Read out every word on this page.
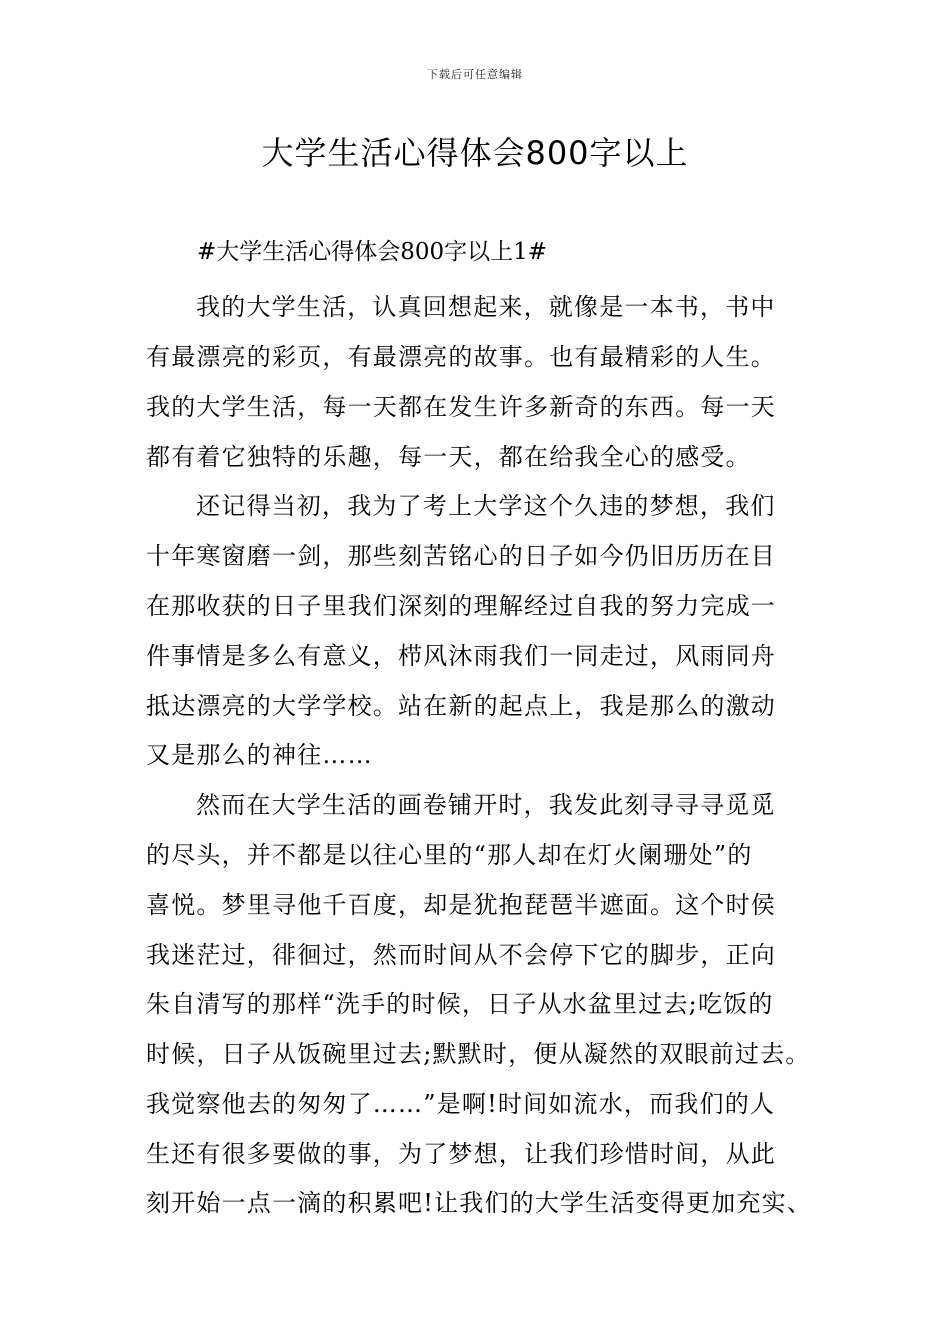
下载后可任意编辑
大学生活心得体会800字以上
#大学生活心得体会800字以上1#
我的大学生活，认真回想起来，就像是一本书，书中
有最漂亮的彩页，有最漂亮的故事。也有最精彩的人生。
我的大学生活，每一天都在发生许多新奇的东西。每一天
都有着它独特的乐趣，每一天，都在给我全心的感受。
还记得当初，我为了考上大学这个久违的梦想，我们
十年寒窗磨一剑，那些刻苦铭心的日子如今仍旧历历在目
在那收获的日子里我们深刻的理解经过自我的努力完成一
件事情是多么有意义，栉风沐雨我们一同走过，风雨同舟
抵达漂亮的大学学校。站在新的起点上，我是那么的激动
又是那么的神往……
然而在大学生活的画卷铺开时，我发此刻寻寻寻觅觅
的尽头，并不都是以往心里的“那人却在灯火阑珊处”的
喜悦。梦里寻他千百度，却是犹抱琵琶半遮面。这个时侯
我迷茫过，徘徊过，然而时间从不会停下它的脚步，正向
朱自清写的那样“洗手的时候，日子从水盆里过去;吃饭的
时候，日子从饭碗里过去;默默时，便从凝然的双眼前过去。
我觉察他去的匆匆了……”是啊!时间如流水，而我们的人
生还有很多要做的事，为了梦想，让我们珍惜时间，从此
刻开始一点一滴的积累吧!让我们的大学生活变得更加充实、
